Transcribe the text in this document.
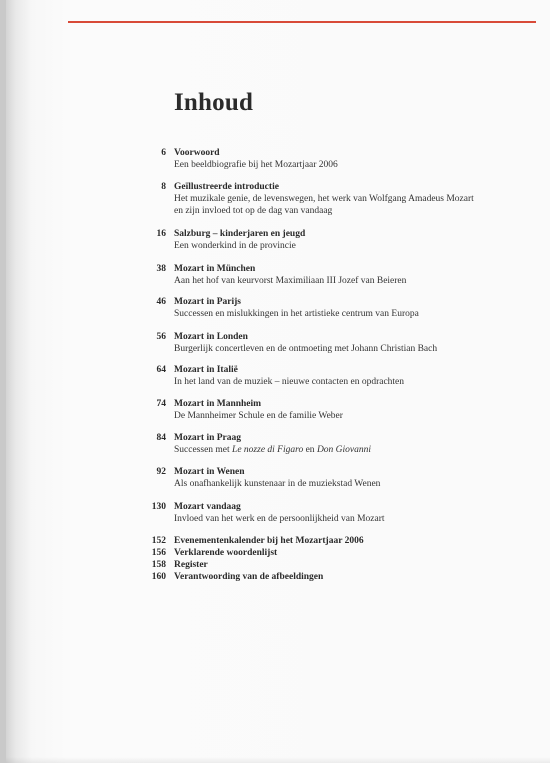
Inhoud
6 Voorwoord
Een beeldbiografie bij het Mozartjaar 2006
8 Geïllustreerde introductie
Het muzikale genie, de levenswegen, het werk van Wolfgang Amadeus Mozart
en zijn invloed tot op de dag van vandaag
16 Salzburg – kinderjaren en jeugd
Een wonderkind in de provincie
38 Mozart in München
Aan het hof van keurvorst Maximiliaan III Jozef van Beieren
46 Mozart in Parijs
Successen en mislukkingen in het artistieke centrum van Europa
56 Mozart in Londen
Burgerlijk concertleven en de ontmoeting met Johann Christian Bach
64 Mozart in Italië
In het land van de muziek – nieuwe contacten en opdrachten
74 Mozart in Mannheim
De Mannheimer Schule en de familie Weber
84 Mozart in Praag
Successen met Le nozze di Figaro en Don Giovanni
92 Mozart in Wenen
Als onafhankelijk kunstenaar in de muziekstad Wenen
130 Mozart vandaag
Invloed van het werk en de persoonlijkheid van Mozart
152 Evenementenkalender bij het Mozartjaar 2006
156 Verklarende woordenlijst
158 Register
160 Verantwoording van de afbeeldingen
